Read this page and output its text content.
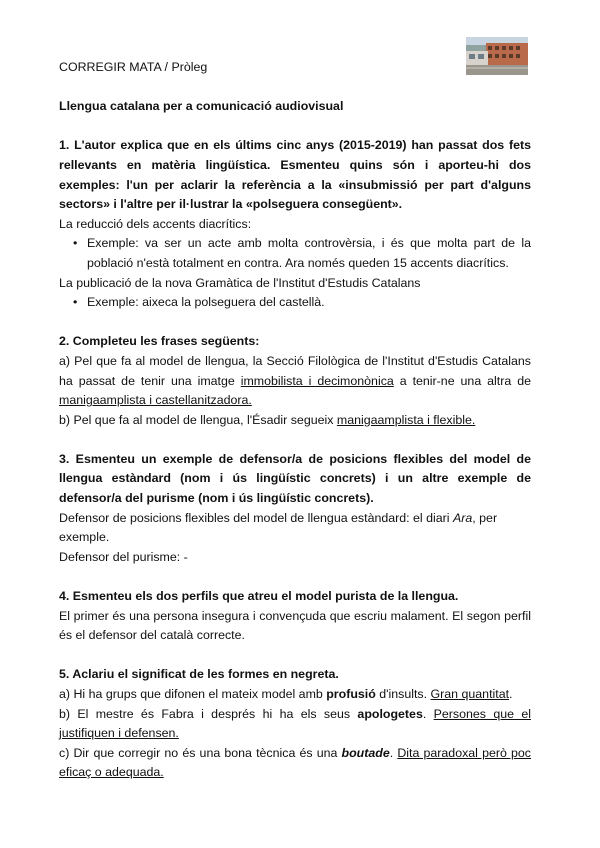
CORREGIR MATA / Pròleg

Llengua catalana per a comunicació audiovisual

1. L'autor explica que en els últims cinc anys (2015-2019) han passat dos fets rellevants en matèria lingüística. Esmenteu quins són i aporteu-hi dos exemples: l'un per aclarir la referència a la «insubmissió per part d'alguns sectors» i l'altre per il·lustrar la «polseguera consegüent».

La reducció dels accents diacrítics:

• Exemple: va ser un acte amb molta controvèrsia, i és que molta part de la població n'està totalment en contra. Ara només queden 15 accents diacrítics.

La publicació de la nova Gramàtica de l'Institut d'Estudis Catalans

• Exemple: aixeca la polseguera del castellà.

2. Completeu les frases següents:

a) Pel que fa al model de llengua, la Secció Filològica de l'Institut d'Estudis Catalans ha passat de tenir una imatge immobilista i decimonònica a tenir-ne una altra de manigaamplista i castellanitzadora.

b) Pel que fa al model de llengua, l'Ésadir segueix manigaamplista i flexible.

3. Esmenteu un exemple de defensor/a de posicions flexibles del model de llengua estàndard (nom i ús lingüístic concrets) i un altre exemple de defensor/a del purisme (nom i ús lingüístic concrets).

Defensor de posicions flexibles del model de llengua estàndard: el diari Ara, per exemple.

Defensor del purisme: -

4. Esmenteu els dos perfils que atreu el model purista de la llengua.

El primer és una persona insegura i convençuda que escriu malament. El segon perfil és el defensor del català correcte.

5. Aclariu el significat de les formes en negreta.

a) Hi ha grups que difonen el mateix model amb profusió d'insults. Gran quantitat.

b) El mestre és Fabra i després hi ha els seus apologetes. Persones que el justifiquen i defensen.

c) Dir que corregir no és una bona tècnica és una boutade. Dita paradoxal però poc eficaç o adequada.
